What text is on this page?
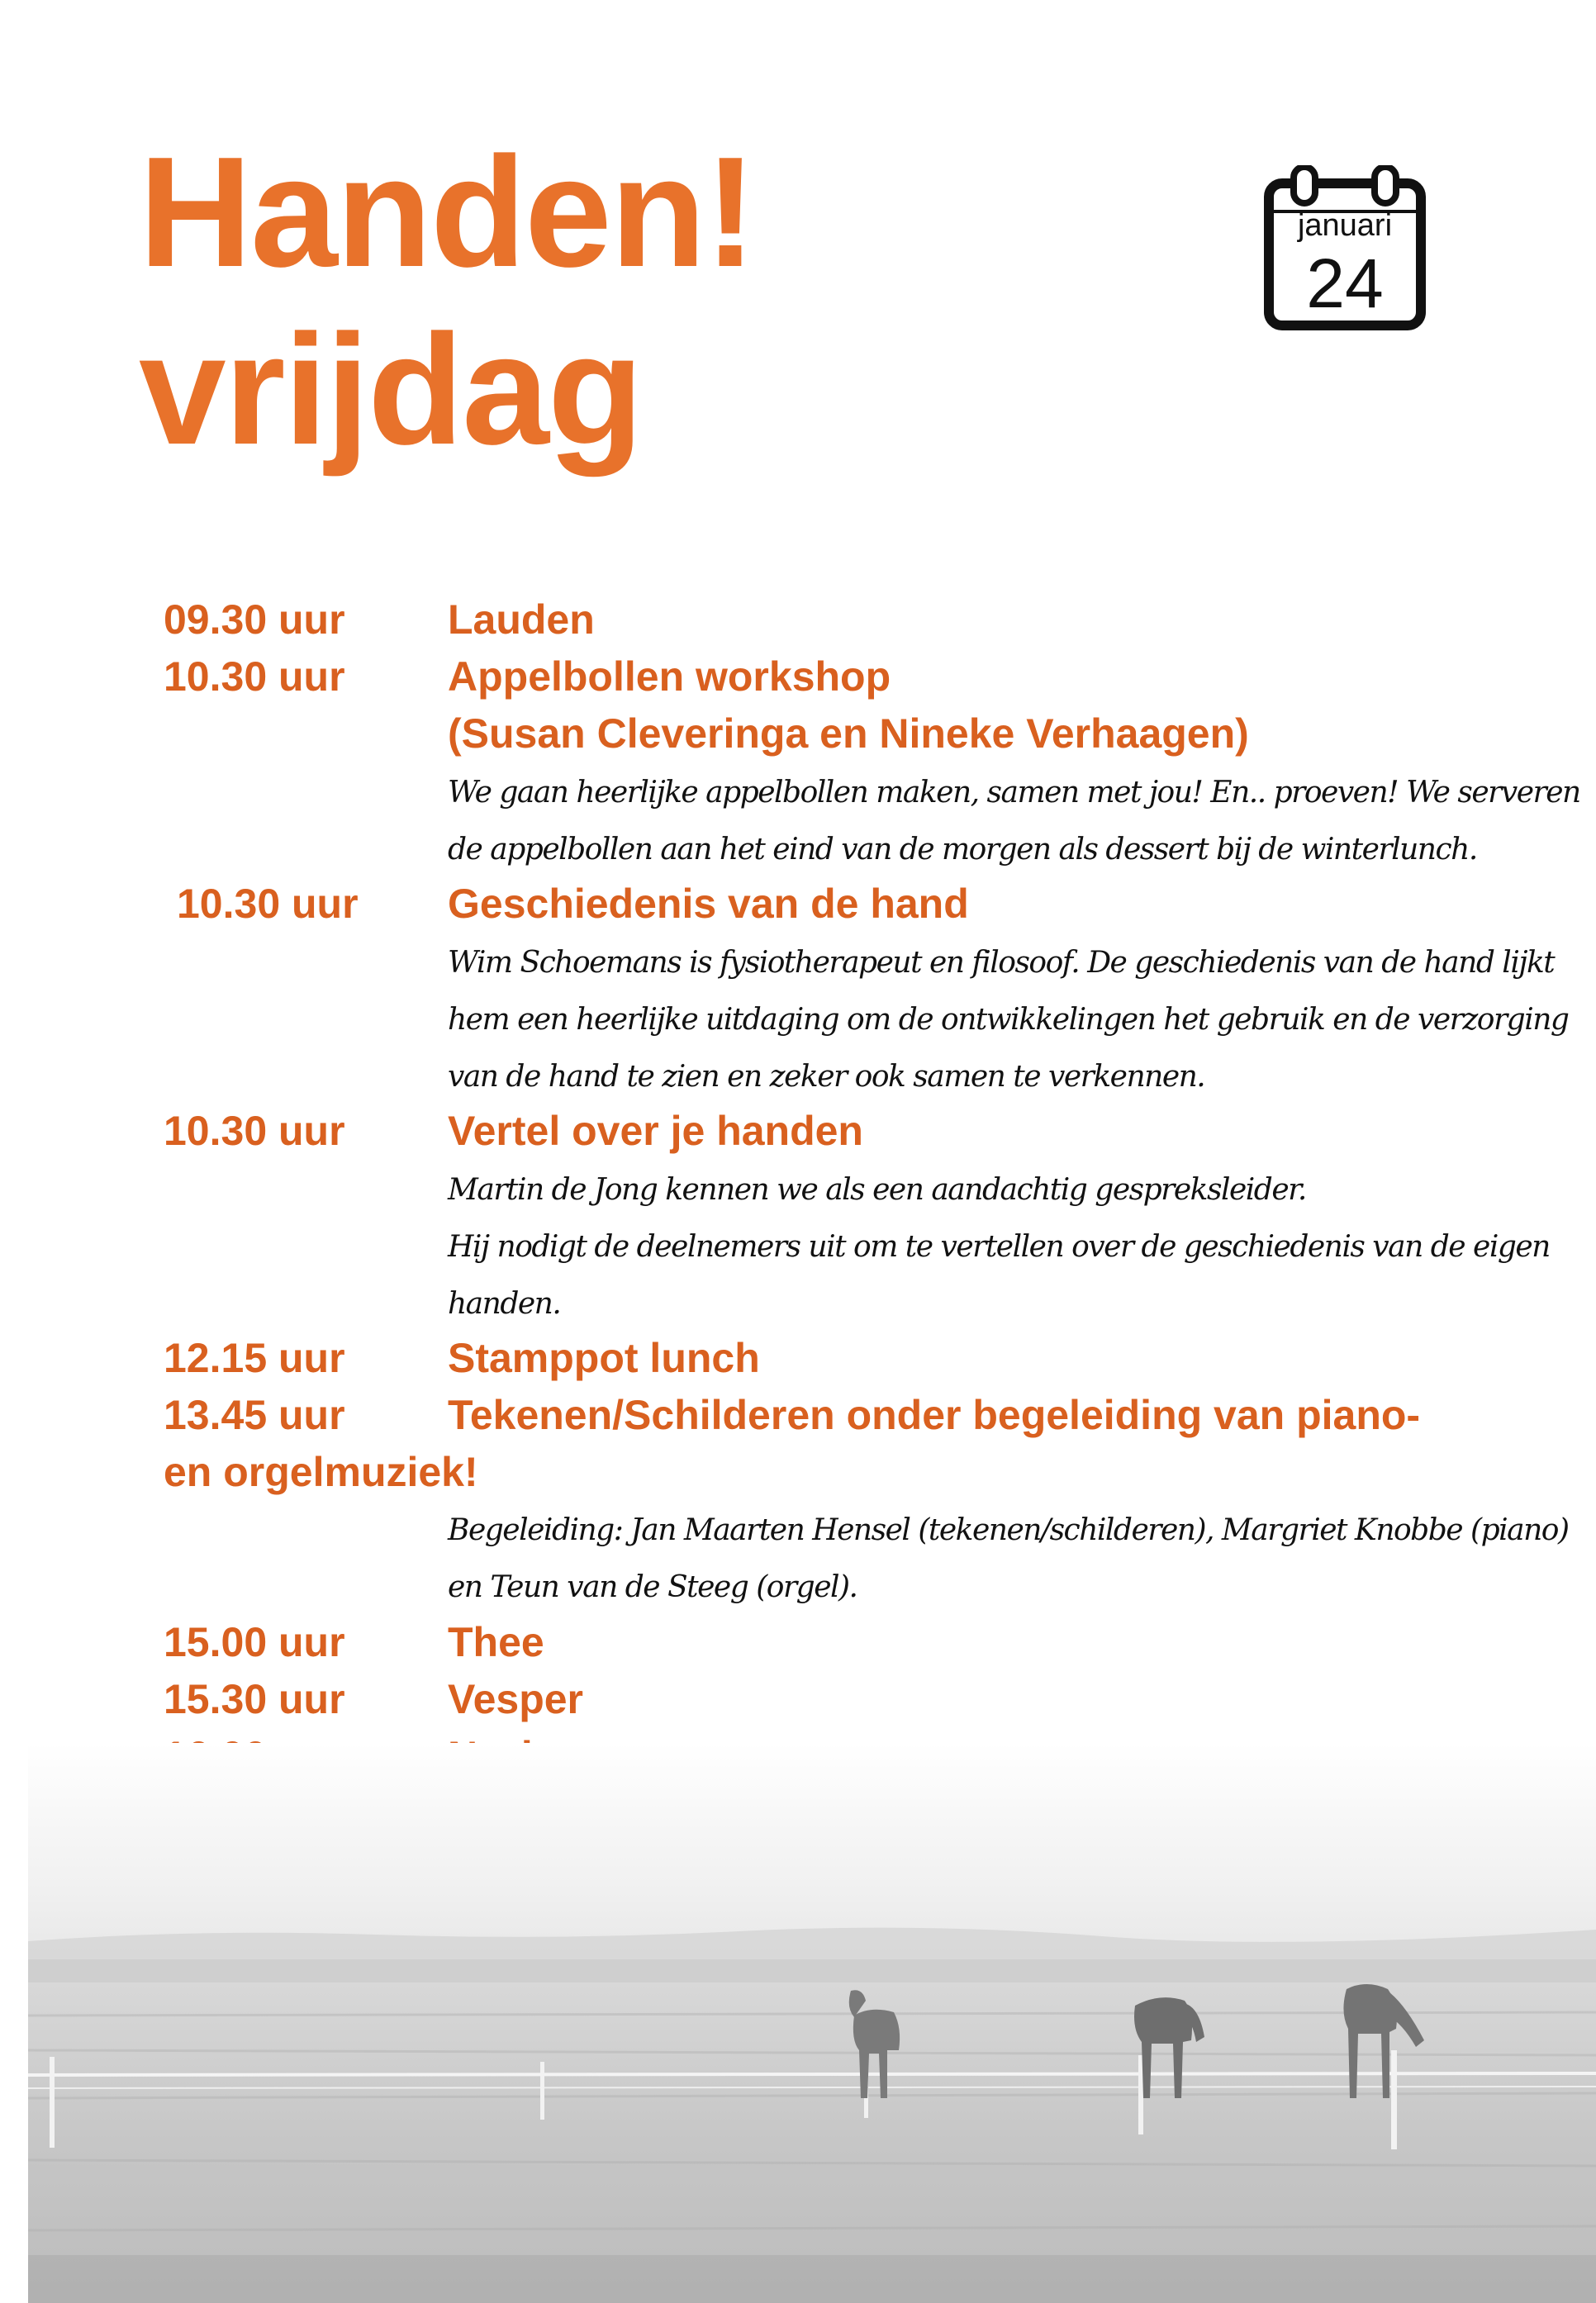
Handen!
vrijdag
januari
24
09.30 uur Lauden
10.30 uur Appelbollen workshop
(Susan Cleveringa en Nineke Verhaagen)
We gaan heerlijke appelbollen maken, samen met jou! En.. proeven! We serveren
de appelbollen aan het eind van de morgen als dessert bij de winterlunch.
10.30 uur Geschiedenis van de hand
Wim Schoemans is fysiotherapeut en filosoof. De geschiedenis van de hand lijkt
hem een heerlijke uitdaging om de ontwikkelingen het gebruik en de verzorging
van de hand te zien en zeker ook samen te verkennen.
10.30 uur Vertel over je handen
Martin de Jong kennen we als een aandachtig gespreksleider.
Hij nodigt de deelnemers uit om te vertellen over de geschiedenis van de eigen
handen.
12.15 uur Stamppot lunch
13.45 uur Tekenen/Schilderen onder begeleiding van piano-
en orgelmuziek!
Begeleiding: Jan Maarten Hensel (tekenen/schilderen), Margriet Knobbe (piano)
en Teun van de Steeg (orgel).
15.00 uur Thee
15.30 uur Vesper
